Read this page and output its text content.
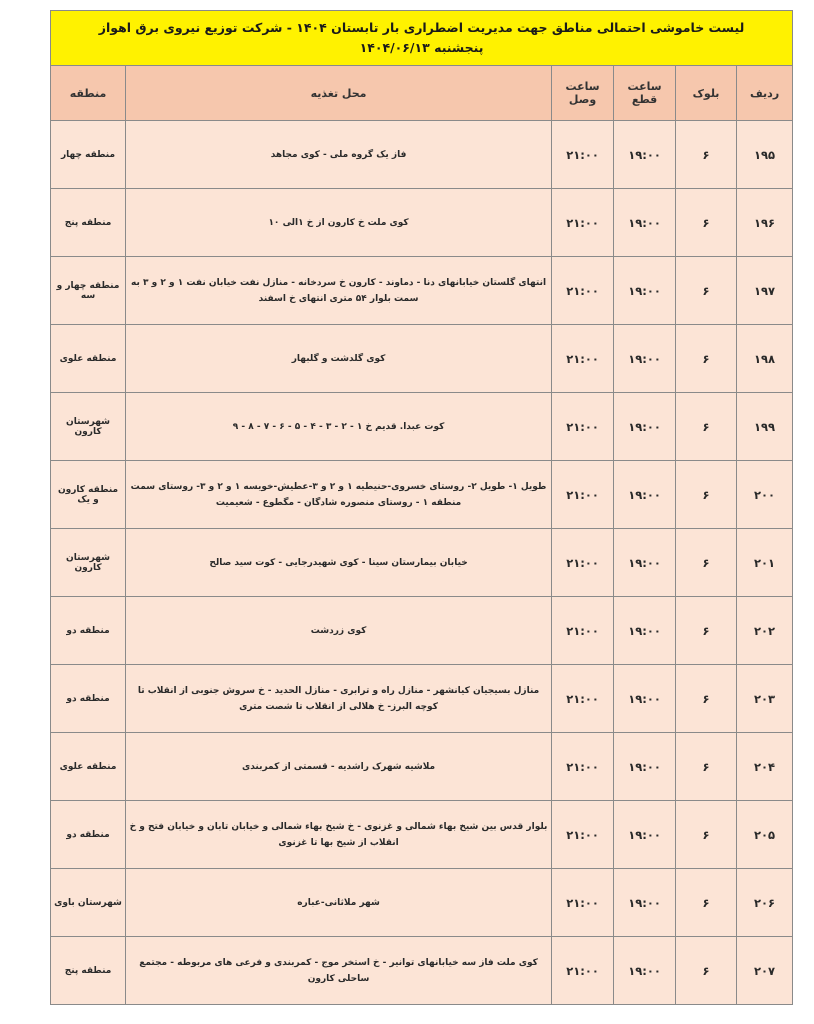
لیست خاموشی احتمالی مناطق جهت مدیریت اضطراری بار تابستان ۱۴۰۴ - شرکت توزیع نیروی برق اهواز
پنجشنبه ۱۴۰۴/۰۶/۱۳					

ردیف	بلوک	ساعت قطع	ساعت وصل	محل تغذیه	منطقه
۱۹۵	۶	۱۹:۰۰	۲۱:۰۰	فاز یک گروه ملی - کوی مجاهد	منطقه چهار
۱۹۶	۶	۱۹:۰۰	۲۱:۰۰	کوی ملت خ کارون از خ ۱الی ۱۰	منطقه پنج
۱۹۷	۶	۱۹:۰۰	۲۱:۰۰	انتهای گلستان خیابانهای دنا - دماوند - کارون خ سردخانه - منازل نفت خیابان نفت ۱ و ۲ و ۳ به سمت بلوار ۵۴ متری انتهای خ اسفند	منطقه چهار و سه
۱۹۸	۶	۱۹:۰۰	۲۱:۰۰	کوی گلدشت و گلبهار	منطقه علوی
۱۹۹	۶	۱۹:۰۰	۲۱:۰۰	کوت عبدا. قدیم خ ۱ - ۲ - ۳ - ۴ - ۵ - ۶ - ۷ - ۸ - ۹	شهرستان کارون
۲۰۰	۶	۱۹:۰۰	۲۱:۰۰	طویل ۱- طویل ۲- روستای خسروی-حنیطیه ۱ و ۲ و ۳-عطیش-خویسه ۱ و ۲ و ۳- روستای سمت منطقه ۱ - روستای منصوره شادگان - مگطوع - شعیمیت	منطقه کارون و یک
۲۰۱	۶	۱۹:۰۰	۲۱:۰۰	خیابان بیمارستان سینا - کوی شهیدرجایی - کوت سید صالح	شهرستان کارون
۲۰۲	۶	۱۹:۰۰	۲۱:۰۰	کوی زردشت	منطقه دو
۲۰۳	۶	۱۹:۰۰	۲۱:۰۰	منازل بسیجیان کیانشهر - منازل راه و ترابری - منازل الحدید - خ سروش جنوبی از انقلاب تا کوچه البرز- خ هلالی از انقلاب تا شصت متری	منطقه دو
۲۰۴	۶	۱۹:۰۰	۲۱:۰۰	ملاشیه شهرک راشدیه - قسمتی از کمربندی	منطقه علوی
۲۰۵	۶	۱۹:۰۰	۲۱:۰۰	بلوار قدس بین شیخ بهاء شمالی و غزنوی - خ شیخ بهاء شمالی و خیابان تابان و خیابان فتح و خ انقلاب از شیخ بها تا غزنوی	منطقه دو
۲۰۶	۶	۱۹:۰۰	۲۱:۰۰	شهر ملاثانی-عباره	شهرستان باوی
۲۰۷	۶	۱۹:۰۰	۲۱:۰۰	کوی ملت فاز سه خیابانهای توانیر - خ استخر موج - کمربندی و فرعی های مربوطه - مجتمع ساحلی کارون	منطقه پنج
